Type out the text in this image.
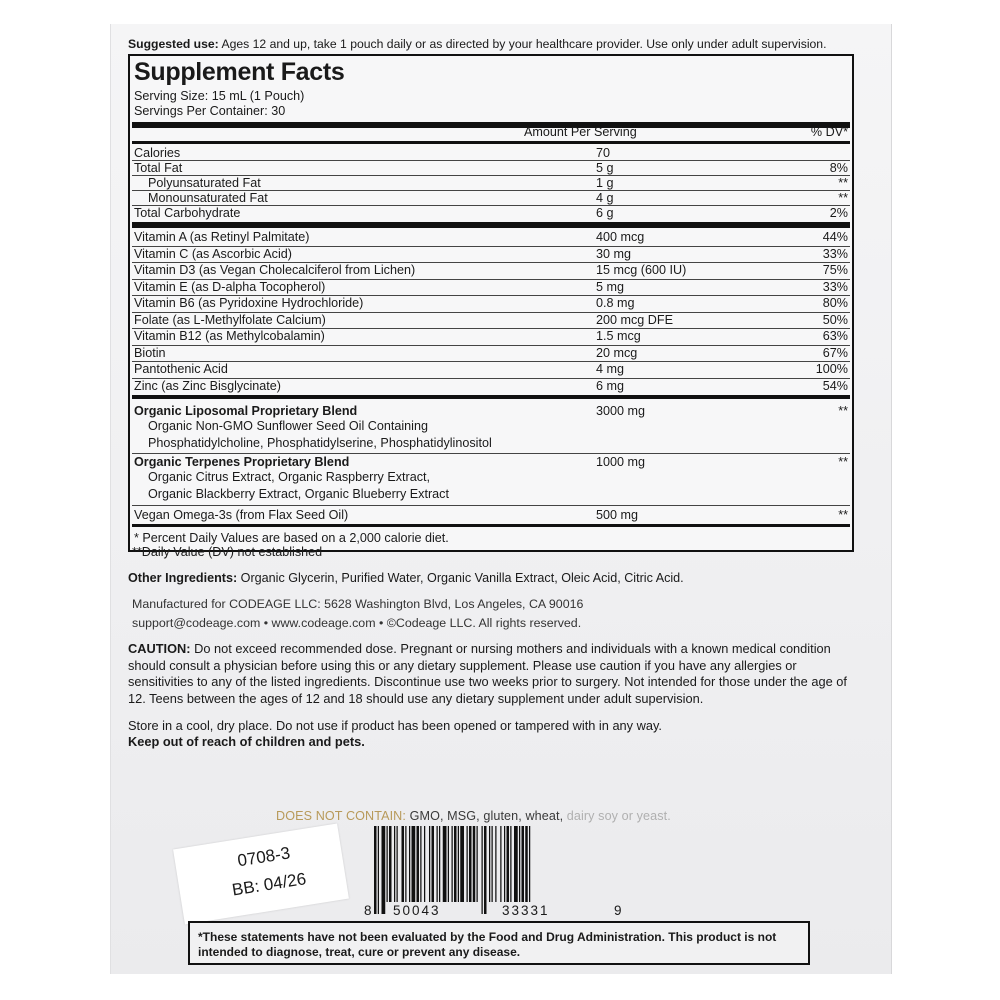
Suggested use: Ages 12 and up, take 1 pouch daily or as directed by your healthcare provider. Use only under adult supervision.
Supplement Facts
Serving Size: 15 mL (1 Pouch)
Servings Per Container: 30
Amount Per Serving	% DV*
Calories	70
Total Fat	5 g	8%
Polyunsaturated Fat	1 g	**
Monounsaturated Fat	4 g	**
Total Carbohydrate	6 g	2%
Vitamin A (as Retinyl Palmitate)	400 mcg	44%
Vitamin C (as Ascorbic Acid)	30 mg	33%
Vitamin D3 (as Vegan Cholecalciferol from Lichen)	15 mcg (600 IU)	75%
Vitamin E (as D-alpha Tocopherol)	5 mg	33%
Vitamin B6 (as Pyridoxine Hydrochloride)	0.8 mg	80%
Folate (as L-Methylfolate Calcium)	200 mcg DFE	50%
Vitamin B12 (as Methylcobalamin)	1.5 mcg	63%
Biotin	20 mcg	67%
Pantothenic Acid	4 mg	100%
Zinc (as Zinc Bisglycinate)	6 mg	54%
Organic Liposomal Proprietary Blend	3000 mg	**
Organic Non-GMO Sunflower Seed Oil Containing
Phosphatidylcholine, Phosphatidylserine, Phosphatidylinositol
Organic Terpenes Proprietary Blend	1000 mg	**
Organic Citrus Extract, Organic Raspberry Extract,
Organic Blackberry Extract, Organic Blueberry Extract
Vegan Omega-3s (from Flax Seed Oil)	500 mg	**
* Percent Daily Values are based on a 2,000 calorie diet.
**Daily Value (DV) not established
Other Ingredients: Organic Glycerin, Purified Water, Organic Vanilla Extract, Oleic Acid, Citric Acid.
Manufactured for CODEAGE LLC: 5628 Washington Blvd, Los Angeles, CA 90016
support@codeage.com • www.codeage.com • ©Codeage LLC. All rights reserved.
CAUTION: Do not exceed recommended dose. Pregnant or nursing mothers and individuals with a known medical condition should consult a physician before using this or any dietary supplement. Please use caution if you have any allergies or sensitivities to any of the listed ingredients. Discontinue use two weeks prior to surgery. Not intended for those under the age of 12. Teens between the ages of 12 and 18 should use any dietary supplement under adult supervision.
Store in a cool, dry place. Do not use if product has been opened or tampered with in any way.
Keep out of reach of children and pets.
DOES NOT CONTAIN: GMO, MSG, gluten, wheat, dairy soy or yeast.
0708-3
BB: 04/26
8 50043	33331	9
*These statements have not been evaluated by the Food and Drug Administration. This product is not intended to diagnose, treat, cure or prevent any disease.
